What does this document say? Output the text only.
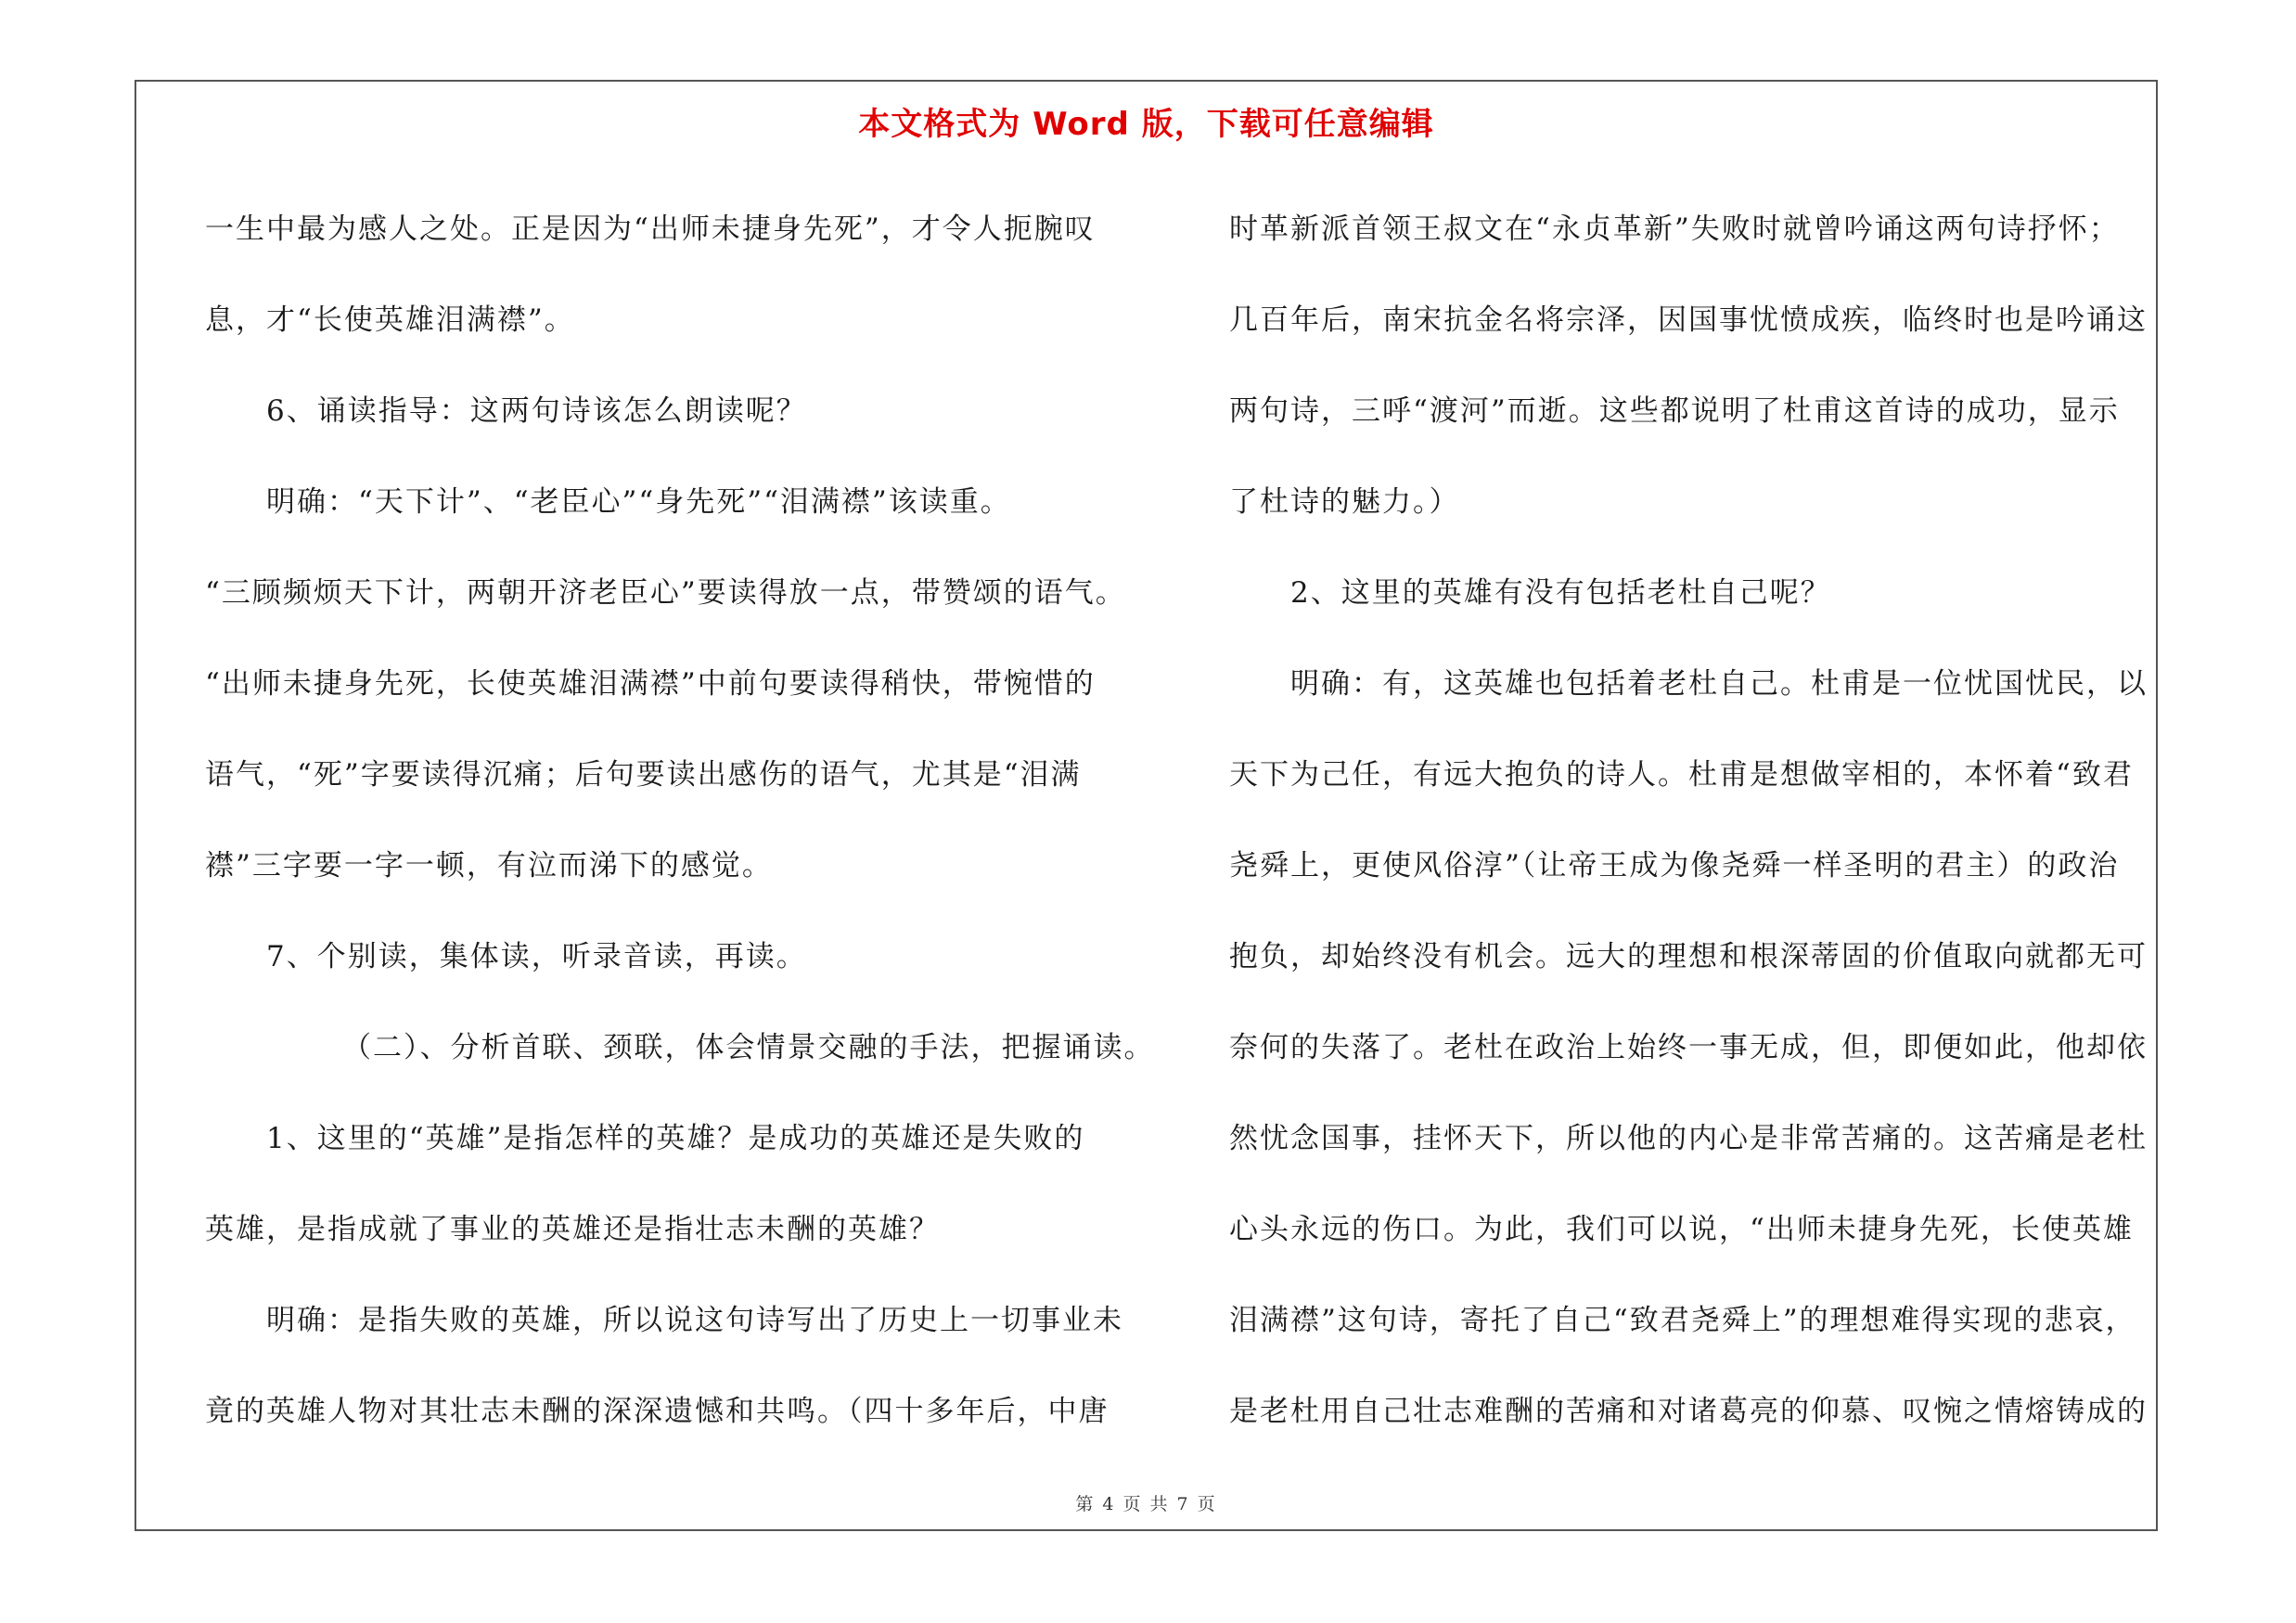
本文格式为 Word 版，下载可任意编辑
一生中最为感人之处。正是因为“出师未捷身先死”，才令人扼腕叹
息，才“长使英雄泪满襟”。
6、诵读指导：这两句诗该怎么朗读呢？
明确：“天下计”、“老臣心”“身先死”“泪满襟”该读重。
“三顾频烦天下计，两朝开济老臣心”要读得放一点，带赞颂的语气。
“出师未捷身先死，长使英雄泪满襟”中前句要读得稍快，带惋惜的
语气，“死”字要读得沉痛；后句要读出感伤的语气，尤其是“泪满
襟”三字要一字一顿，有泣而涕下的感觉。
7、个别读，集体读，听录音读，再读。
（二）、分析首联、颈联，体会情景交融的手法，把握诵读。
1、这里的“英雄”是指怎样的英雄？是成功的英雄还是失败的
英雄，是指成就了事业的英雄还是指壮志未酬的英雄？
明确：是指失败的英雄，所以说这句诗写出了历史上一切事业未
竟的英雄人物对其壮志未酬的深深遗憾和共鸣。（四十多年后，中唐
时革新派首领王叔文在“永贞革新”失败时就曾吟诵这两句诗抒怀；
几百年后，南宋抗金名将宗泽，因国事忧愤成疾，临终时也是吟诵这
两句诗，三呼“渡河”而逝。这些都说明了杜甫这首诗的成功，显示
了杜诗的魅力。）
2、这里的英雄有没有包括老杜自己呢？
明确：有，这英雄也包括着老杜自己。杜甫是一位忧国忧民，以
天下为己任，有远大抱负的诗人。杜甫是想做宰相的，本怀着“致君
尧舜上，更使风俗淳”（让帝王成为像尧舜一样圣明的君主）的政治
抱负，却始终没有机会。远大的理想和根深蒂固的价值取向就都无可
奈何的失落了。老杜在政治上始终一事无成，但，即便如此，他却依
然忧念国事，挂怀天下，所以他的内心是非常苦痛的。这苦痛是老杜
心头永远的伤口。为此，我们可以说，“出师未捷身先死，长使英雄
泪满襟”这句诗，寄托了自己“致君尧舜上”的理想难得实现的悲哀，
是老杜用自己壮志难酬的苦痛和对诸葛亮的仰慕、叹惋之情熔铸成的
第 4 页 共 7 页
